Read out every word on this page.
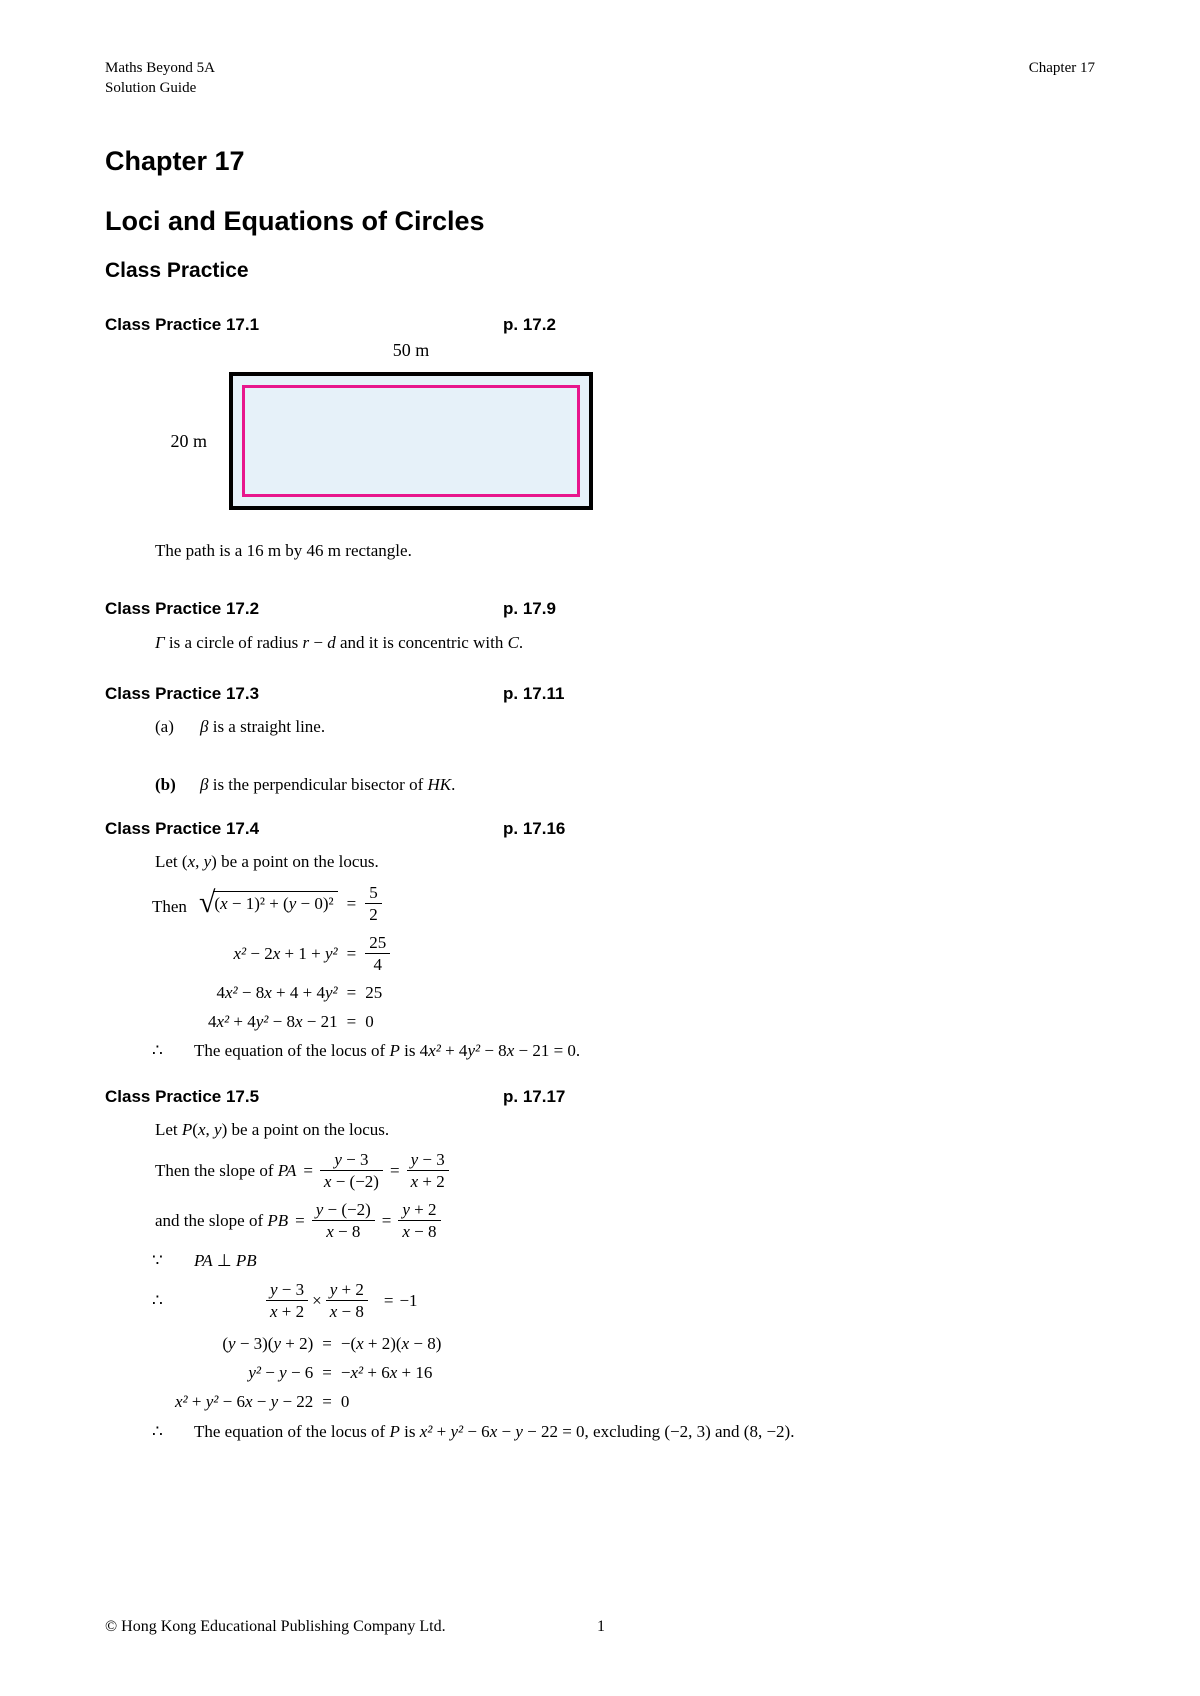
Maths Beyond 5A
Solution Guide
Chapter 17
Chapter 17
Loci and Equations of Circles
Class Practice
Class Practice 17.1	p. 17.2
50 m
20 m
The path is a 16 m by 46 m rectangle.
Class Practice 17.2	p. 17.9
Γ is a circle of radius r − d and it is concentric with C.
Class Practice 17.3	p. 17.11
(a)	β is a straight line.
(b)	β is the perpendicular bisector of HK.
Class Practice 17.4	p. 17.16
Let (x, y) be a point on the locus.
Then √ $(x - 1)^2 + (y - 0)^2 = \frac{5}{2}$
$x^2 - 2x + 1 + y^2 = \frac{25}{4}$
4x² − 8x + 4 + 4y² = 25
4x² + 4y² − 8x − 21 = 0
∴	The equation of the locus of P is 4x² + 4y² − 8x − 21 = 0.
Class Practice 17.5	p. 17.17
Let P(x, y) be a point on the locus.
Then the slope of PA = $\frac{y - 3}{x - (-2)} = \frac{y - 3}{x + 2}$
and the slope of PB = $\frac{y - (-2)}{x - 8} = \frac{y + 2}{x - 8}$
∵	PA ⊥ PB
∴	$\frac{y - 3}{x + 2} \times \frac{y + 2}{x - 8} = -1$
(y − 3)(y + 2) = −(x + 2)(x − 8)
y² − y − 6 = −x² + 6x + 16
x² + y² − 6x − y − 22 = 0
∴	The equation of the locus of P is x² + y² − 6x − y − 22 = 0, excluding (−2, 3) and (8, −2).
© Hong Kong Educational Publishing Company Ltd.	1
